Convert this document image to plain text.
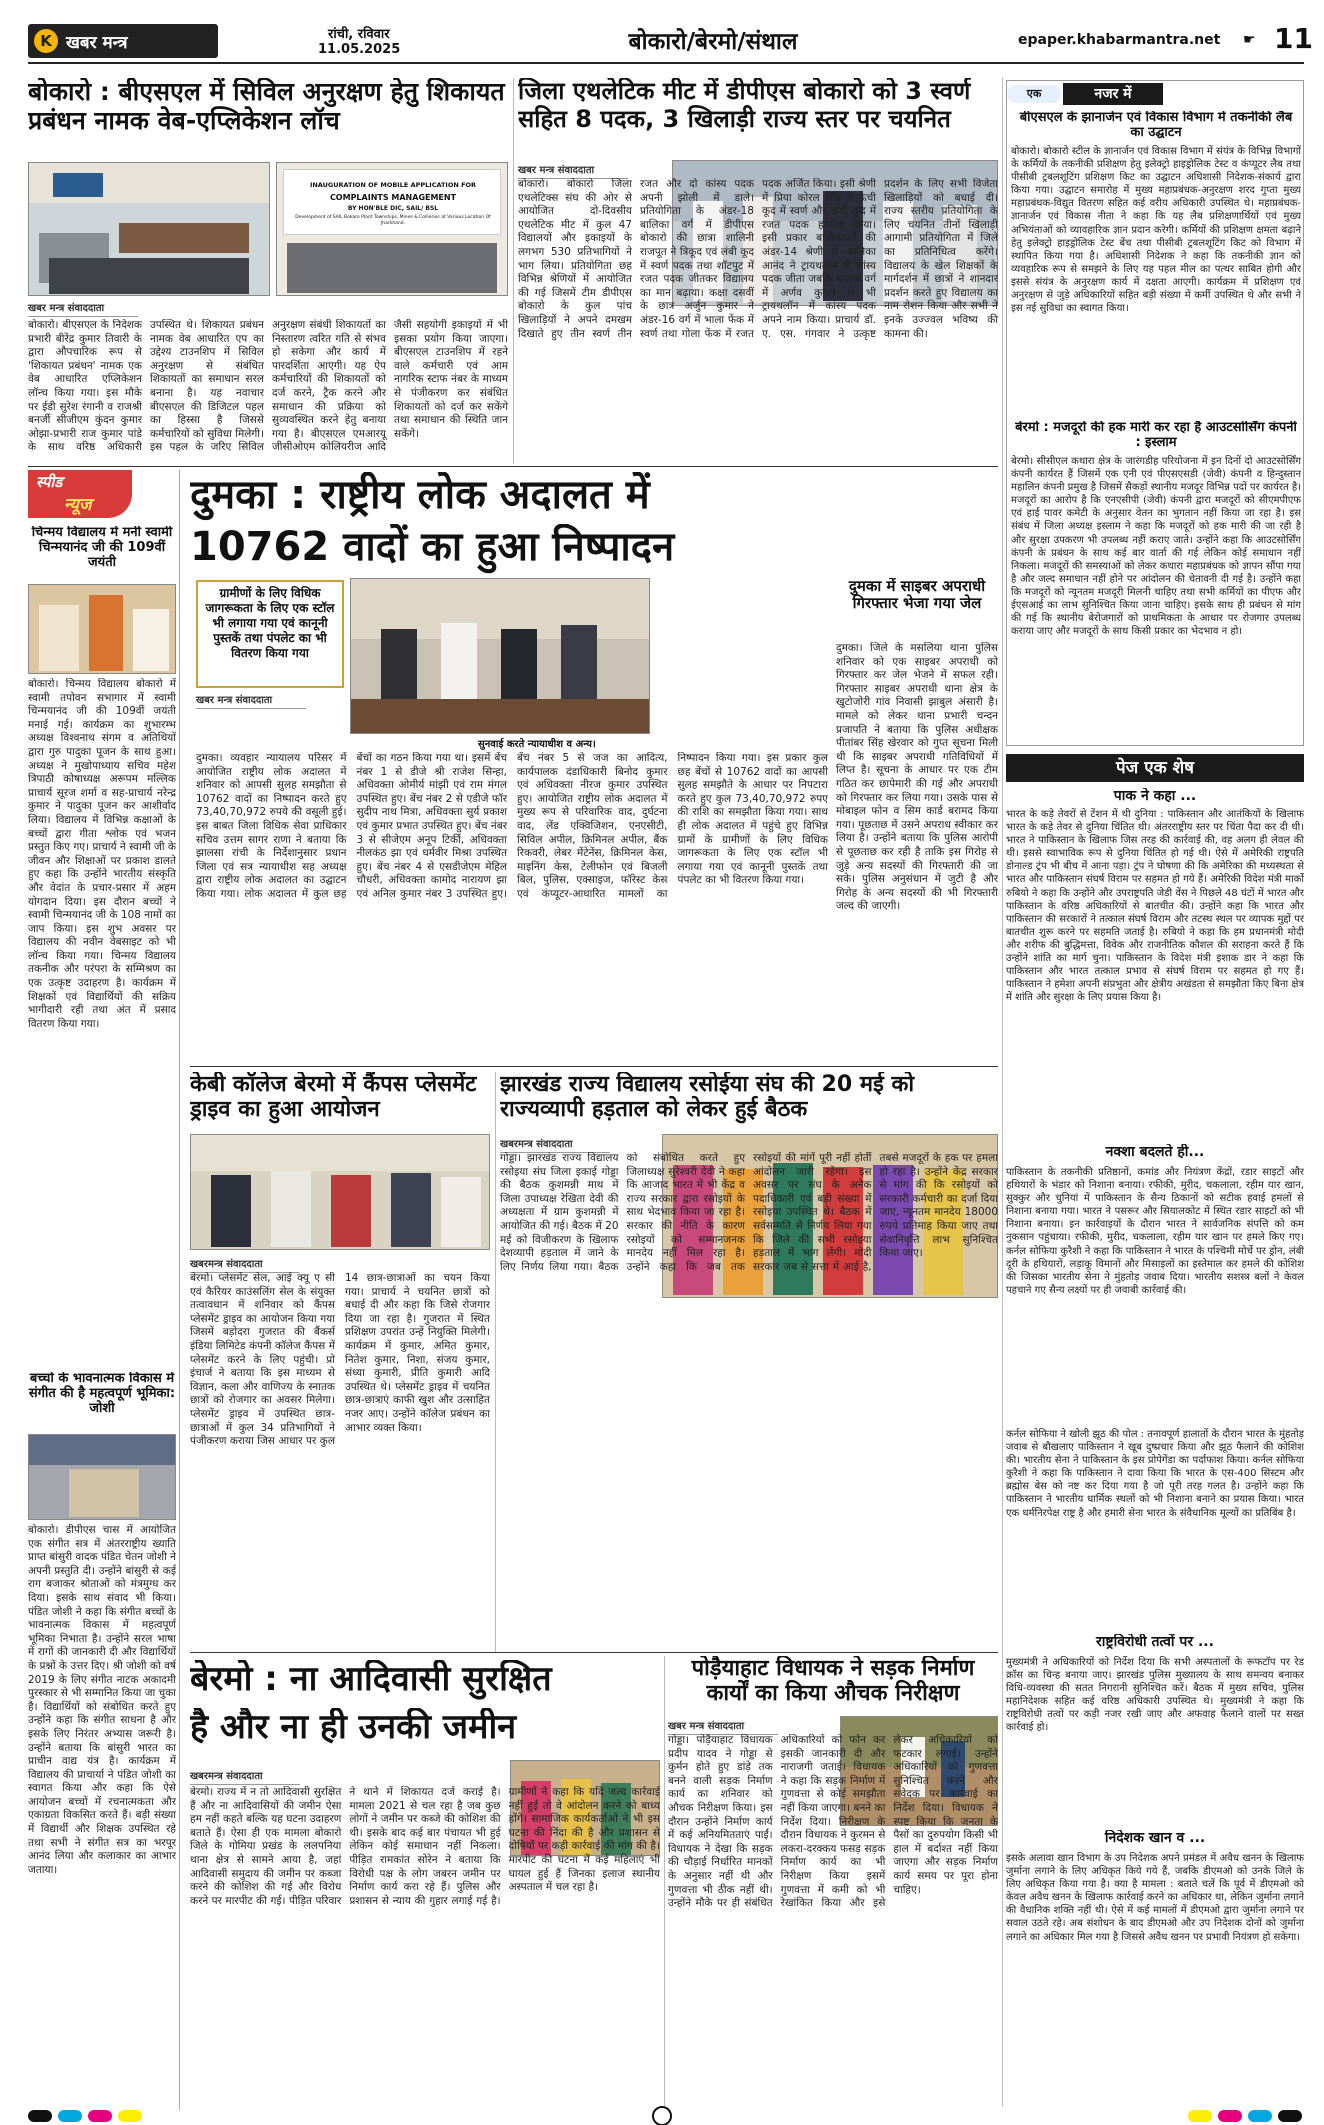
K खबर मन्त्र	रांची, रविवार
11.05.2025	बोकारो/बेरमो/संथाल	epaper.khabarmantra.net ☛ 11
बोकारो : बीएसएल में सिविल अनुरक्षण हेतु शिकायत प्रबंधन नामक वेब-एप्लिकेशन लॉच
INAUGURATION OF MOBILE APPLICATION FOR
COMPLAINTS MANAGEMENT
BY HON'BLE DIC, SAIL/ BSL
Development of SAIL Bokaro Plant Townships, Mines & Collieries at Various Location Of Jharkhand.
खबर मन्त्र संवाददाता
बोकारो। बीएसएल के निदेशक प्रभारी बीरेंद्र कुमार तिवारी के द्वारा औपचारिक रूप से 'शिकायत प्रबंधन' नामक एक वेब आधारित एप्लिकेशन लॉन्च किया गया। इस मौके पर ईडी सुरेश रंगानी व राजश्री बनर्जी सीजीएम कुंदन कुमार ओझा-प्रभारी राज कुमार पांडे के साथ वरिष्ठ अधिकारी उपस्थित थे। शिकायत प्रबंधन नामक वेब आधारित एप का उद्देश्य टाउनशिप में सिविल अनुरक्षण से संबंधित शिकायतों का समाधान सरल बनाना है। यह नवाचार बीएसएल की डिजिटल पहल का हिस्सा है जिससे कर्मचारियों को सुविधा मिलेगी। इस पहल के जरिए सिविल अनुरक्षण संबंधी शिकायतों का निस्तारण त्वरित गति से संभव हो सकेगा और कार्य में पारदर्शिता आएगी। यह ऐप कर्मचारियों की शिकायतों को दर्ज करने, ट्रैक करने और समाधान की प्रक्रिया को सुव्यवस्थित करने हेतु बनाया गया है। बीएसएल एमआरयू जीसीओएम कोलियरीज आदि जैसी सहयोगी इकाइयों में भी इसका प्रयोग किया जाएगा। बीएसएल टाउनशिप में रहने वाले कर्मचारी एवं आम नागरिक स्टाफ नंबर के माध्यम से पंजीकरण कर संबंधित शिकायतों को दर्ज कर सकेंगे तथा समाधान की स्थिति जान सकेंगे।
जिला एथलेटिक मीट में डीपीएस बोकारो को 3 स्वर्ण सहित 8 पदक, 3 खिलाड़ी राज्य स्तर पर चयनित
खबर मन्त्र संवाददाता
बोकारो। बोकारो जिला एथलेटिक्स संघ की ओर से आयोजित दो-दिवसीय एथलेटिक मीट में कुल 47 विद्यालयों और इकाइयों के लगभग 530 प्रतिभागियों ने भाग लिया। प्रतियोगिता छह विभिन्न श्रेणियों में आयोजित की गई जिसमें टीम डीपीएस बोकारो के कुल पांच खिलाड़ियों ने अपने दमखम दिखाते हुए तीन स्वर्ण तीन रजत और दो कांस्य पदक अपनी झोली में डाले। प्रतियोगिता के अंडर-18 बालिका वर्ग में डीपीएस बोकारो की छात्रा शालिनी राजपूत ने त्रिकूद एवं लंबी कूद में स्वर्ण पदक तथा शॉटपुट में रजत पदक जीतकर विद्यालय का मान बढ़ाया। कक्षा दसवीं के छात्र अर्जुन कुमार ने अंडर-16 वर्ग में भाला फेंक में स्वर्ण तथा गोला फेंक में रजत पदक अर्जित किया। इसी श्रेणी में प्रिया कोरल सिंह ने ऊंची कूद में स्वर्ण और ऊंची कूद में रजत पदक हासिल किया। इसी प्रकार बालिकाओं की अंडर-14 श्रेणी में आनिका आनंद ने ट्रायथलॉन में कांस्य पदक जीता जबकि बालक वर्ग में अर्णव कुमार ने भी ट्रायथलॉन में कांस्य पदक अपने नाम किया। प्राचार्य डॉ. ए. एस. गंगवार ने उत्कृष्ट प्रदर्शन के लिए सभी विजेता खिलाड़ियों को बधाई दी। राज्य स्तरीय प्रतियोगिता के लिए चयनित तीनों खिलाड़ी आगामी प्रतियोगिता में जिले का प्रतिनिधित्व करेंगे। विद्यालय के खेल शिक्षकों के मार्गदर्शन में छात्रों ने शानदार प्रदर्शन करते हुए विद्यालय का नाम रोशन किया और सभी ने इनके उज्ज्वल भविष्य की कामना की।
एक	नजर में
बीएसएल के झानार्जन एवं विकास विभाग में तकनीकी लैब का उद्घाटन
बोकारो। बोकारो स्टील के ज्ञानार्जन एवं विकास विभाग में संयंत्र के विभिन्न विभागों के कर्मियों के तकनीकी प्रशिक्षण हेतु इलेक्ट्रो हाइड्रोलिक टेस्ट व कंप्यूटर लैब तथा पीसीबी ट्रबलशूटिंग प्रशिक्षण किट का उद्घाटन अधिशासी निदेशक-संकार्य द्वारा किया गया। उद्घाटन समारोह में मुख्य महाप्रबंधक-अनुरक्षण शरद गुप्ता मुख्य महाप्रबंधक-विद्युत वितरण सहित कई वरीय अधिकारी उपस्थित थे। महाप्रबंधक-ज्ञानार्जन एवं विकास नीता ने कहा कि यह लैब प्रशिक्षणार्थियों एवं मुख्य अभियंताओं को व्यावहारिक ज्ञान प्रदान करेगी। कर्मियों की प्रशिक्षण क्षमता बढ़ाने हेतु इलेक्ट्रो हाइड्रोलिक टेस्ट बेंच तथा पीसीबी ट्रबलशूटिंग किट को विभाग में स्थापित किया गया है। अधिशासी निदेशक ने कहा कि तकनीकी ज्ञान को व्यवहारिक रूप से समझने के लिए यह पहल मील का पत्थर साबित होगी और इससे संयंत्र के अनुरक्षण कार्य में दक्षता आएगी। कार्यक्रम में प्रशिक्षण एवं अनुरक्षण से जुड़े अधिकारियों सहित बड़ी संख्या में कर्मी उपस्थित थे और सभी ने इस नई सुविधा का स्वागत किया।
बेरमो : मजदूरों की हक मारी कर रहा है आउटसोर्सिंग कंपनी : इस्लाम
बेरमो। सीसीएल कथारा क्षेत्र के जारंगडीह परियोजना में इन दिनों दो आउटसोर्सिंग कंपनी कार्यरत हैं जिसमें एक एनी एवं पीएसएसडी (जेवी) कंपनी व हिन्दुस्तान महालिन कंपनी प्रमुख है जिसमें सैकड़ों स्थानीय मजदूर विभिन्न पदों पर कार्यरत है। मजदूरों का आरोप है कि एनएसीपी (जेवी) कंपनी द्वारा मजदूरों को सीएमपीएफ एवं हाई पावर कमेटी के अनुसार वेतन का भुगतान नहीं किया जा रहा है। इस संबंध में जिला अध्यक्ष इस्लाम ने कहा कि मजदूरों को हक मारी की जा रही है और सुरक्षा उपकरण भी उपलब्ध नहीं कराए जाते। उन्होंने कहा कि आउटसोर्सिंग कंपनी के प्रबंधन के साथ कई बार वार्ता की गई लेकिन कोई समाधान नहीं निकला। मजदूरों की समस्याओं को लेकर कथारा महाप्रबंधक को ज्ञापन सौंपा गया है और जल्द समाधान नहीं होने पर आंदोलन की चेतावनी दी गई है। उन्होंने कहा कि मजदूरों को न्यूनतम मजदूरी मिलनी चाहिए तथा सभी कर्मियों का पीएफ और ईएसआई का लाभ सुनिश्चित किया जाना चाहिए। इसके साथ ही प्रबंधन से मांग की गई कि स्थानीय बेरोजगारों को प्राथमिकता के आधार पर रोजगार उपलब्ध कराया जाए और मजदूरों के साथ किसी प्रकार का भेदभाव न हो।
स्पीड
न्यूज
चिन्मय विद्यालय में मनी स्वामी चिन्मयानंद जी की 109वीं जयंती
बोकारो। चिन्मय विद्यालय बोकारो में स्वामी तपोवन सभागार में स्वामी चिन्मयानंद जी की 109वीं जयंती मनाई गई। कार्यक्रम का शुभारम्भ अध्यक्ष विश्वनाथ संगम व अतिथियों द्वारा गुरु पादुका पूजन के साथ हुआ। अध्यक्ष ने मुखोपाध्याय सचिव महेश त्रिपाठी कोषाध्यक्ष अरूपम मल्लिक प्राचार्य सूरज शर्मा व सह-प्राचार्य नरेन्द्र कुमार ने पादुका पूजन कर आशीर्वाद लिया। विद्यालय में विभिन्न कक्षाओं के बच्चों द्वारा गीता श्लोक एवं भजन प्रस्तुत किए गए। प्राचार्य ने स्वामी जी के जीवन और शिक्षाओं पर प्रकाश डालते हुए कहा कि उन्होंने भारतीय संस्कृति और वेदांत के प्रचार-प्रसार में अहम योगदान दिया। इस दौरान बच्चों ने स्वामी चिन्मयानंद जी के 108 नामों का जाप किया। इस शुभ अवसर पर विद्यालय की नवीन वेबसाइट को भी लॉन्च किया गया। चिन्मय विद्यालय तकनीक और परंपरा के सम्मिश्रण का एक उत्कृष्ट उदाहरण है। कार्यक्रम में शिक्षकों एवं विद्यार्थियों की सक्रिय भागीदारी रही तथा अंत में प्रसाद वितरण किया गया।
बच्चों के भावनात्मक विकास में संगीत की है महत्वपूर्ण भूमिका: जोशी
बोकारो। डीपीएस चास में आयोजित एक संगीत सत्र में अंतरराष्ट्रीय ख्याति प्राप्त बांसुरी वादक पंडित चेतन जोशी ने अपनी प्रस्तुति दी। उन्होंने बांसुरी से कई राग बजाकर श्रोताओं को मंत्रमुग्ध कर दिया। इसके साथ संवाद भी किया। पंडित जोशी ने कहा कि संगीत बच्चों के भावनात्मक विकास में महत्वपूर्ण भूमिका निभाता है। उन्होंने सरल भाषा में रागों की जानकारी दी और विद्यार्थियों के प्रश्नों के उत्तर दिए। श्री जोशी को वर्ष 2019 के लिए संगीत नाटक अकादमी पुरस्कार से भी सम्मानित किया जा चुका है। विद्यार्थियों को संबोधित करते हुए उन्होंने कहा कि संगीत साधना है और इसके लिए निरंतर अभ्यास जरूरी है। उन्होंने बताया कि बांसुरी भारत का प्राचीन वाद्य यंत्र है। कार्यक्रम में विद्यालय की प्राचार्या ने पंडित जोशी का स्वागत किया और कहा कि ऐसे आयोजन बच्चों में रचनात्मकता और एकाग्रता विकसित करते हैं। बड़ी संख्या में विद्यार्थी और शिक्षक उपस्थित रहे तथा सभी ने संगीत सत्र का भरपूर आनंद लिया और कलाकार का आभार जताया।
दुमका : राष्ट्रीय लोक अदालत में
10762 वादों का हुआ निष्पादन
ग्रामीणों के लिए विधिक जागरूकता के लिए एक स्टॉल भी लगाया गया एवं कानूनी पुस्तकें तथा पंपलेट का भी वितरण किया गया
सुनवाई करते न्यायाधीश व अन्य।
खबर मन्त्र संवाददाता
दुमका। व्यवहार न्यायालय परिसर में आयोजित राष्ट्रीय लोक अदालत में शनिवार को आपसी सुलह समझौता से 10762 वादों का निष्पादन करते हुए 73,40,70,972 रुपये की वसूली हुई। इस बाबत जिला विधिक सेवा प्राधिकार सचिव उत्तम सागर राणा ने बताया कि झालसा रांची के निर्देशानुसार प्रधान जिला एवं सत्र न्यायाधीश सह अध्यक्ष द्वारा राष्ट्रीय लोक अदालत का उद्घाटन किया गया। लोक अदालत में कुल छह बेंचों का गठन किया गया था। इसमें बेंच नंबर 1 से डीजे श्री राजेश सिन्हा, अधिवक्ता ओमीर्य मांझी एवं राम मंगल उपस्थित हुए। बेंच नंबर 2 से एडीजे फॉर सुदीप नाथ मित्रा, अधिवक्ता सुर्य प्रकाश एवं कुमार प्रभात उपस्थित हुए। बेंच नंबर 3 से सीजेएम अनूप टिर्की, अधिवक्ता नीलकंठ झा एवं धर्मवीर मिश्रा उपस्थित हुए। बेंच नंबर 4 से एसडीजेएम मेहिल चौधरी, अधिवक्ता कामोद नारायण झा एवं अनिल कुमार नंबर 3 उपस्थित हुए। बेंच नंबर 5 से जज का आदित्य, कार्यपालक दंडाधिकारी बिनोद कुमार एवं अधिवक्ता नीरज कुमार उपस्थित हुए। आयोजित राष्ट्रीय लोक अदालत में मुख्य रूप से परिवारिक वाद, दुर्घटना वाद, लेंड एक्विजिशन, एनएसीटी, सिविल अपील, क्रिमिनल अपील, बैंक रिकवरी, लेबर मेंटेनेंस, क्रिमिनल केस, माइनिंग केस, टेलीफोन एवं बिजली बिल, पुलिस, एक्साइज, फॉरेस्ट केस एवं कंप्यूटर-आधारित मामलों का निष्पादन किया गया। इस प्रकार कुल छह बेंचों से 10762 वादों का आपसी सुलह समझौते के आधार पर निपटारा करते हुए कुल 73,40,70,972 रुपए की राशि का समझौता किया गया। साथ ही लोक अदालत में पहुंचे हुए विभिन्न ग्रामों के ग्रामीणों के लिए विधिक जागरूकता के लिए एक स्टॉल भी लगाया गया एवं कानूनी पुस्तकें तथा पंपलेट का भी वितरण किया गया।
दुमका में साइबर अपराधी गिरफ्तार भेजा गया जेल
दुमका। जिले के मसलिया थाना पुलिस शनिवार को एक साइबर अपराधी को गिरफ्तार कर जेल भेजने में सफल रही। गिरफ्तार साइबर अपराधी थाना क्षेत्र के खुटोजोरी गांव निवासी झाबुल अंसारी है। मामले को लेकर थाना प्रभारी चन्दन प्रजापति ने बताया कि पुलिस अधीक्षक पीतांबर सिंह खेरवार को गुप्त सूचना मिली थी कि साइबर अपराधी गतिविधियों में लिप्त है। सूचना के आधार पर एक टीम गठित कर छापेमारी की गई और अपराधी को गिरफ्तार कर लिया गया। उसके पास से मोबाइल फोन व सिम कार्ड बरामद किया गया। पूछताछ में उसने अपराध स्वीकार कर लिया है। उन्होंने बताया कि पुलिस आरोपी से पूछताछ कर रही है ताकि इस गिरोह से जुड़े अन्य सदस्यों की गिरफ्तारी की जा सके। पुलिस अनुसंधान में जुटी है और गिरोह के अन्य सदस्यों की भी गिरफ्तारी जल्द की जाएगी।
पेज एक शेष
पाक ने कहा ...
भारत के कड़े तेवरों से टेंशन में थी दुनिया : पाकिस्तान और आतंकियों के खिलाफ भारत के कड़े तेवर से दुनिया चिंतित थी। अंतरराष्ट्रीय स्तर पर चिंता पैदा कर दी थी। भारत ने पाकिस्तान के खिलाफ जिस तरह की कार्रवाई की, वह अलग ही लेवल की थी। इससे स्वाभाविक रूप से दुनिया चिंतित हो गई थी। ऐसे में अमेरिकी राष्ट्रपति डोनाल्ड ट्रंप भी बीच में आना पड़ा। ट्रंप ने घोषणा की कि अमेरिका की मध्यस्थता से भारत और पाकिस्तान संघर्ष विराम पर सहमत हो गये हैं। अमेरिकी विदेश मंत्री मार्को रुबियो ने कहा कि उन्होंने और उपराष्ट्रपति जेडी वेंस ने पिछले 48 घंटों में भारत और पाकिस्तान के वरिष्ठ अधिकारियों से बातचीत की। उन्होंने कहा कि भारत और पाकिस्तान की सरकारों ने तत्काल संघर्ष विराम और तटस्थ स्थल पर व्यापक मुद्दों पर बातचीत शुरू करने पर सहमति जताई है। रुबियो ने कहा कि हम प्रधानमंत्री मोदी और शरीफ की बुद्धिमत्ता, विवेक और राजनीतिक कौशल की सराहना करते हैं कि उन्होंने शांति का मार्ग चुना। पाकिस्तान के विदेश मंत्री इशाक डार ने कहा कि पाकिस्तान और भारत तत्काल प्रभाव से संघर्ष विराम पर सहमत हो गए हैं। पाकिस्तान ने हमेशा अपनी संप्रभुता और क्षेत्रीय अखंडता से समझौता किए बिना क्षेत्र में शांति और सुरक्षा के लिए प्रयास किया है।
नक्शा बदलते ही...
पाकिस्तान के तकनीकी प्रतिष्ठानों, कमांड और नियंत्रण केंद्रों, रडार साइटों और हथियारों के भंडार को निशाना बनाया। रफीकी, मुरीद, चकलाला, रहीम यार खान, सुक्कुर और चुनियां में पाकिस्तान के सैन्य ठिकानों को सटीक हवाई हमलों से निशाना बनाया गया। भारत ने पसरूर और सियालकोट में स्थित रडार साइटों को भी निशाना बनाया। इन कार्रवाइयों के दौरान भारत ने सार्वजनिक संपत्ति को कम नुकसान पहुंचाया। रफीकी, मुरीद, चकलाला, रहीम यार खान पर हमले किए गए। कर्नल सोफिया कुरैशी ने कहा कि पाकिस्तान ने भारत के पश्चिमी मोर्चे पर ड्रोन, लंबी दूरी के हथियारों, लड़ाकू विमानों और मिसाइलों का इस्तेमाल कर हमले की कोशिश की जिसका भारतीय सेना ने मुंहतोड़ जवाब दिया। भारतीय सशस्त्र बलों ने केवल पहचाने गए सैन्य लक्ष्यों पर ही जवाबी कार्रवाई की।
कर्नल सोफिया ने खोली झूठ की पोल : तनावपूर्ण हालातों के दौरान भारत के मुंहतोड़ जवाब से बौखलाए पाकिस्तान ने खूब दुष्प्रचार किया और झूठ फैलाने की कोशिश की। भारतीय सेना ने पाकिस्तान के इस प्रोपेगेंडा का पर्दाफाश किया। कर्नल सोफिया कुरैशी ने कहा कि पाकिस्तान ने दावा किया कि भारत के एस-400 सिस्टम और ब्रह्मोस बेस को नष्ट कर दिया गया है जो पूरी तरह गलत है। उन्होंने कहा कि पाकिस्तान ने भारतीय धार्मिक स्थलों को भी निशाना बनाने का प्रयास किया। भारत एक धर्मनिरपेक्ष राष्ट्र है और हमारी सेना भारत के संवैधानिक मूल्यों का प्रतिबिंब है।
राष्ट्रविरोधी तत्वों पर ...
मुख्यमंत्री ने अधिकारियों को निर्देश दिया कि सभी अस्पतालों के रूफटॉप पर रेड क्रॉस का चिन्ह बनाया जाए। झारखंड पुलिस मुख्यालय के साथ समन्वय बनाकर विधि-व्यवस्था की सतत निगरानी सुनिश्चित करें। बैठक में मुख्य सचिव, पुलिस महानिदेशक सहित कई वरिष्ठ अधिकारी उपस्थित थे। मुख्यमंत्री ने कहा कि राष्ट्रविरोधी तत्वों पर कड़ी नजर रखी जाए और अफवाह फैलाने वालों पर सख्त कार्रवाई हो।
निदेशक खान व ...
इसके अलावा खान विभाग के उप निदेशक अपने प्रमंडल में अवैध खनन के खिलाफ जुर्माना लगाने के लिए अधिकृत किये गये हैं, जबकि डीएमओ को उनके जिले के लिए अधिकृत किया गया है। क्या है मामला : बताते चलें कि पूर्व में डीएमओ को केवल अवैध खनन के खिलाफ कार्रवाई करने का अधिकार था, लेकिन जुर्माना लगाने की वैधानिक शक्ति नहीं थी। ऐसे में कई मामलों में डीएमओ द्वारा जुर्माना लगाने पर सवाल उठते रहे। अब संशोधन के बाद डीएमओ और उप निदेशक दोनों को जुर्माना लगाने का अधिकार मिल गया है जिससे अवैध खनन पर प्रभावी नियंत्रण हो सकेगा।
केबी कॉलेज बेरमो में कैंपस प्लेसमेंट ड्राइव का हुआ आयोजन
खबरमन्त्र संवाददाता
बेरमो। प्लेसमेंट सेल, आई क्यू ए सी एवं कैरियर काउंसलिंग सेल के संयुक्त तत्वावधान में शनिवार को कैंपस प्लेसमेंट ड्राइव का आयोजन किया गया जिसमें बड़ोदरा गुजरात की बैंकर्स इंडिया लिमिटेड कंपनी कॉलेज कैंपस में प्लेसमेंट करने के लिए पहुंची। प्रो इंचार्ज ने बताया कि इस माध्यम से विज्ञान, कला और वाणिज्य के स्नातक छात्रों को रोजगार का अवसर मिलेगा। प्लेसमेंट ड्राइव में उपस्थित छात्र-छात्राओं में कुल 34 प्रतिभागियों ने पंजीकरण कराया जिस आधार पर कुल 14 छात्र-छात्राओं का चयन किया गया। प्राचार्य ने चयनित छात्रों को बधाई दी और कहा कि जिसे रोजगार दिया जा रहा है। गुजरात में स्थित प्रशिक्षण उपरांत उन्हें नियुक्ति मिलेगी। कार्यक्रम में कुमार, अमित कुमार, नितेश कुमार, निशा, संजय कुमार, संध्या कुमारी, प्रीति कुमारी आदि उपस्थित थे। प्लेसमेंट ड्राइव में चयनित छात्र-छात्राएं काफी खुश और उत्साहित नजर आए। उन्होंने कॉलेज प्रबंधन का आभार व्यक्त किया।
झारखंड राज्य विद्यालय रसोईया संघ की 20 मई को राज्यव्यापी हड़ताल को लेकर हुई बैठक
खबरमन्त्र संवाददाता
गोड्डा। झारखंड राज्य विद्यालय रसोइया संघ जिला इकाई गोड्डा की बैठक कुशमन्नी माथ में जिला उपाध्यक्ष रेखिता देवी की अध्यक्षता में ग्राम कुशमन्नी में आयोजित की गई। बैठक में 20 मई को विजीकरण के खिलाफ देशव्यापी हड़ताल में जाने के लिए निर्णय लिया गया। बैठक को संबोधित करते हुए जिलाध्यक्ष सुरेश्वरी देवी ने कहा कि आजाद भारत में भी केंद्र व राज्य सरकार द्वारा रसोइयों के साथ भेदभाव किया जा रहा है। सरकार की नीति के कारण रसोइयों को सम्मानजनक मानदेय नहीं मिल रहा है। उन्होंने कहा कि जब तक रसोइयों की मांगें पूरी नहीं होतीं आंदोलन जारी रहेगा। इस अवसर पर संघ के अनेक पदाधिकारी एवं बड़ी संख्या में रसोइया उपस्थित थे। बैठक में सर्वसम्मति से निर्णय लिया गया कि जिले की सभी रसोइया हड़ताल में भाग लेंगी। मोदी सरकार जब से सत्ता में आई है, तबसे मजदूरों के हक पर हमला हो रहा है। उन्होंने केंद्र सरकार से मांग की कि रसोइयों को सरकारी कर्मचारी का दर्जा दिया जाए, न्यूनतम मानदेय 18000 रुपये प्रतिमाह किया जाए तथा सेवानिवृत्ति लाभ सुनिश्चित किया जाए।
बेरमो : ना आदिवासी सुरक्षित
है और ना ही उनकी जमीन
खबरमन्त्र संवाददाता
बेरमो। राज्य में न तो आदिवासी सुरक्षित हैं और ना आदिवासियों की जमीन ऐसा हम नहीं कहते बल्कि यह घटना उदाहरण बताते हैं। ऐसा ही एक मामला बोकारो जिले के गोमिया प्रखंड के ललपनिया थाना क्षेत्र से सामने आया है, जहां आदिवासी समुदाय की जमीन पर कब्जा करने की कोशिश की गई और विरोध करने पर मारपीट की गई। पीड़ित परिवार ने थाने में शिकायत दर्ज कराई है। मामला 2021 से चल रहा है जब कुछ लोगों ने जमीन पर कब्जे की कोशिश की थी। इसके बाद कई बार पंचायत भी हुई लेकिन कोई समाधान नहीं निकला। पीड़ित रामकांत सोरेन ने बताया कि विरोधी पक्ष के लोग जबरन जमीन पर निर्माण कार्य करा रहे हैं। पुलिस और प्रशासन से न्याय की गुहार लगाई गई है। ग्रामीणों ने कहा कि यदि जल्द कार्रवाई नहीं हुई तो वे आंदोलन करने को बाध्य होंगे। सामाजिक कार्यकर्ताओं ने भी इस घटना की निंदा की है और प्रशासन से दोषियों पर कड़ी कार्रवाई की मांग की है। मारपीट की घटना में कई महिलाएं भी घायल हुई हैं जिनका इलाज स्थानीय अस्पताल में चल रहा है।
पोड़ैयाहाट विधायक ने सड़क निर्माण कार्यों का किया औचक निरीक्षण
खबर मन्त्र संवाददाता
गोड्डा। पोड़ैयाहाट विधायक प्रदीप यादव ने गोड्डा से कुर्मन होते हुए डांड़े तक बनने वाली सड़क निर्माण कार्य का शनिवार को औचक निरीक्षण किया। इस दौरान उन्होंने निर्माण कार्य में कई अनियमितताएं पाईं। विधायक ने देखा कि सड़क की चौड़ाई निर्धारित मानकों के अनुसार नहीं थी और गुणवत्ता भी ठीक नहीं थी। उन्होंने मौके पर ही संबंधित अधिकारियों को फोन कर इसकी जानकारी दी और नाराजगी जताई। विधायक ने कहा कि सड़क निर्माण में गुणवत्ता से कोई समझौता नहीं किया जाएगा। बनने का निर्देश दिया। निरीक्षण के दौरान विधायक ने कुरमन से लकरा-दरक्कय फसड़ सड़क निर्माण कार्य का भी निरीक्षण किया इसमें गुणवत्ता में कमी को भी रेखांकित किया और इसे लेकर अधिकारियों को फटकार लगाई। उन्होंने अधिकारियों को गुणवत्ता सुनिश्चित करने और संवेदक पर कार्रवाई का निर्देश दिया। विधायक ने स्पष्ट किया कि जनता के पैसों का दुरुपयोग किसी भी हाल में बर्दाश्त नहीं किया जाएगा और सड़क निर्माण कार्य समय पर पूरा होना चाहिए।
